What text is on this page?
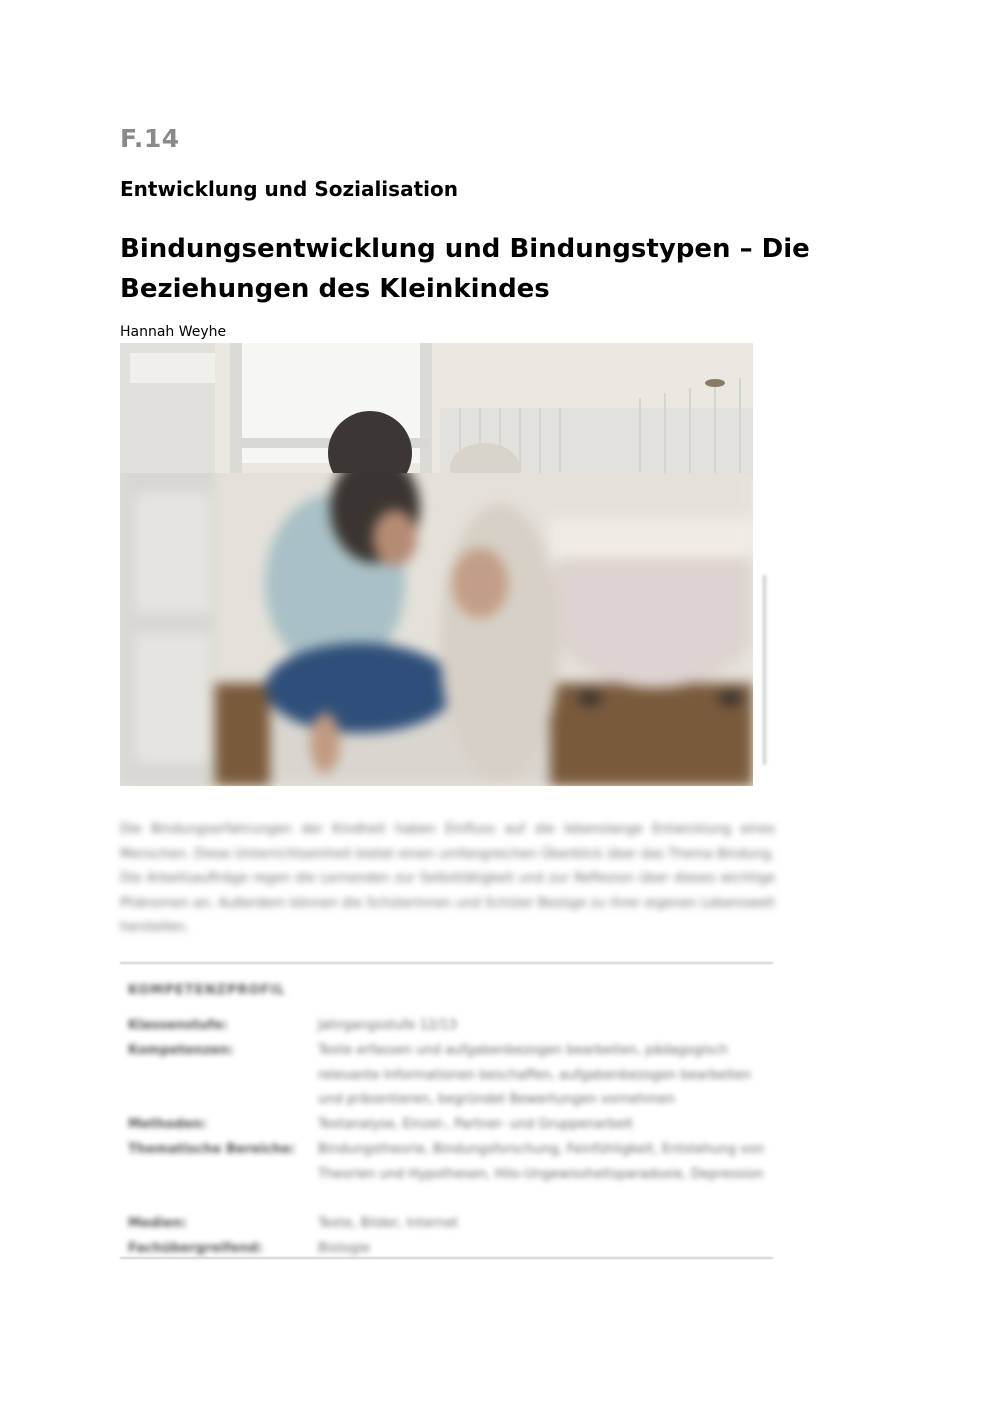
F.14
Entwicklung und Sozialisation
Bindungsentwicklung und Bindungstypen – Die Beziehungen des Kleinkindes
Hannah Weyhe
Die Bindungserfahrungen der Kindheit haben Einfluss auf die lebenslange Entwicklung eines Menschen. Diese Unterrichtseinheit bietet einen umfangreichen Überblick über das Thema Bindung. Die Arbeitsaufträge regen die Lernenden zur Selbsttätigkeit und zur Reflexion über dieses wichtige Phänomen an. Außerdem können die Schülerinnen und Schüler Bezüge zu ihrer eigenen Lebenswelt herstellen.
KOMPETENZPROFIL
Klassenstufe:	Jahrgangsstufe 12/13
Kompetenzen:	Texte erfassen und aufgabenbezogen bearbeiten, pädagogisch relevante Informationen beschaffen, aufgabenbezogen bearbeiten und präsentieren, begründet Bewertungen vornehmen
Methoden:	Textanalyse, Einzel-, Partner- und Gruppenarbeit
Thematische Bereiche:	Bindungstheorie, Bindungsforschung, Feinfühligkeit, Entstehung von Theorien und Hypothesen, Hilo-Ungewissheitsparadoxie, Depression
Medien:	Texte, Bilder, Internet
Fachübergreifend:	Biologie
